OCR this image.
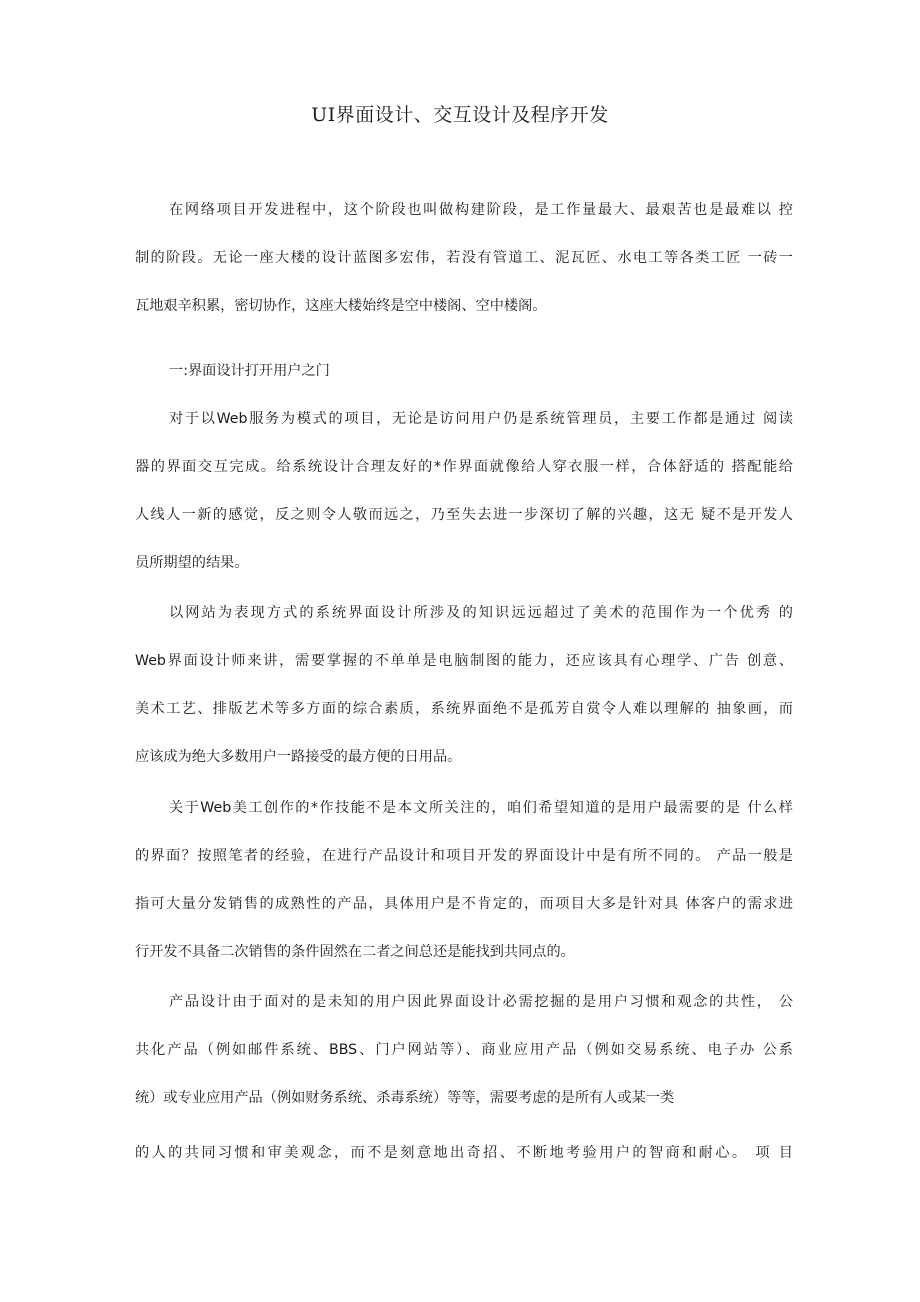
UI界面设计、交互设计及程序开发
在网络项目开发进程中，这个阶段也叫做构建阶段，是工作量最大、最艰苦也是最难以 控
制的阶段。无论一座大楼的设计蓝图多宏伟，若没有管道工、泥瓦匠、水电工等各类工匠 一砖一
瓦地艰辛积累，密切协作，这座大楼始终是空中楼阁、空中楼阁。
一:界面设计打开用户之门
对于以Web服务为模式的项目，无论是访问用户仍是系统管理员，主要工作都是通过 阅读
器的界面交互完成。给系统设计合理友好的*作界面就像给人穿衣服一样，合体舒适的 搭配能给
人线人一新的感觉，反之则令人敬而远之，乃至失去进一步深切了解的兴趣，这无 疑不是开发人
员所期望的结果。
以网站为表现方式的系统界面设计所涉及的知识远远超过了美术的范围作为一个优秀 的
Web界面设计师来讲，需要掌握的不单单是电脑制图的能力，还应该具有心理学、广告 创意、
美术工艺、排版艺术等多方面的综合素质，系统界面绝不是孤芳自赏令人难以理解的 抽象画，而
应该成为绝大多数用户一路接受的最方便的日用品。
关于Web美工创作的*作技能不是本文所关注的，咱们希望知道的是用户最需要的是 什么样
的界面？按照笔者的经验，在进行产品设计和项目开发的界面设计中是有所不同的。 产品一般是
指可大量分发销售的成熟性的产品，具体用户是不肯定的，而项目大多是针对具 体客户的需求进
行开发不具备二次销售的条件固然在二者之间总还是能找到共同点的。
产品设计由于面对的是未知的用户因此界面设计必需挖掘的是用户习惯和观念的共性， 公
共化产品（例如邮件系统、BBS、门户网站等）、商业应用产品（例如交易系统、电子办 公系
统）或专业应用产品（例如财务系统、杀毒系统）等等，需要考虑的是所有人或某一类
的人的共同习惯和审美观念，而不是刻意地出奇招、不断地考验用户的智商和耐心。 项 目
